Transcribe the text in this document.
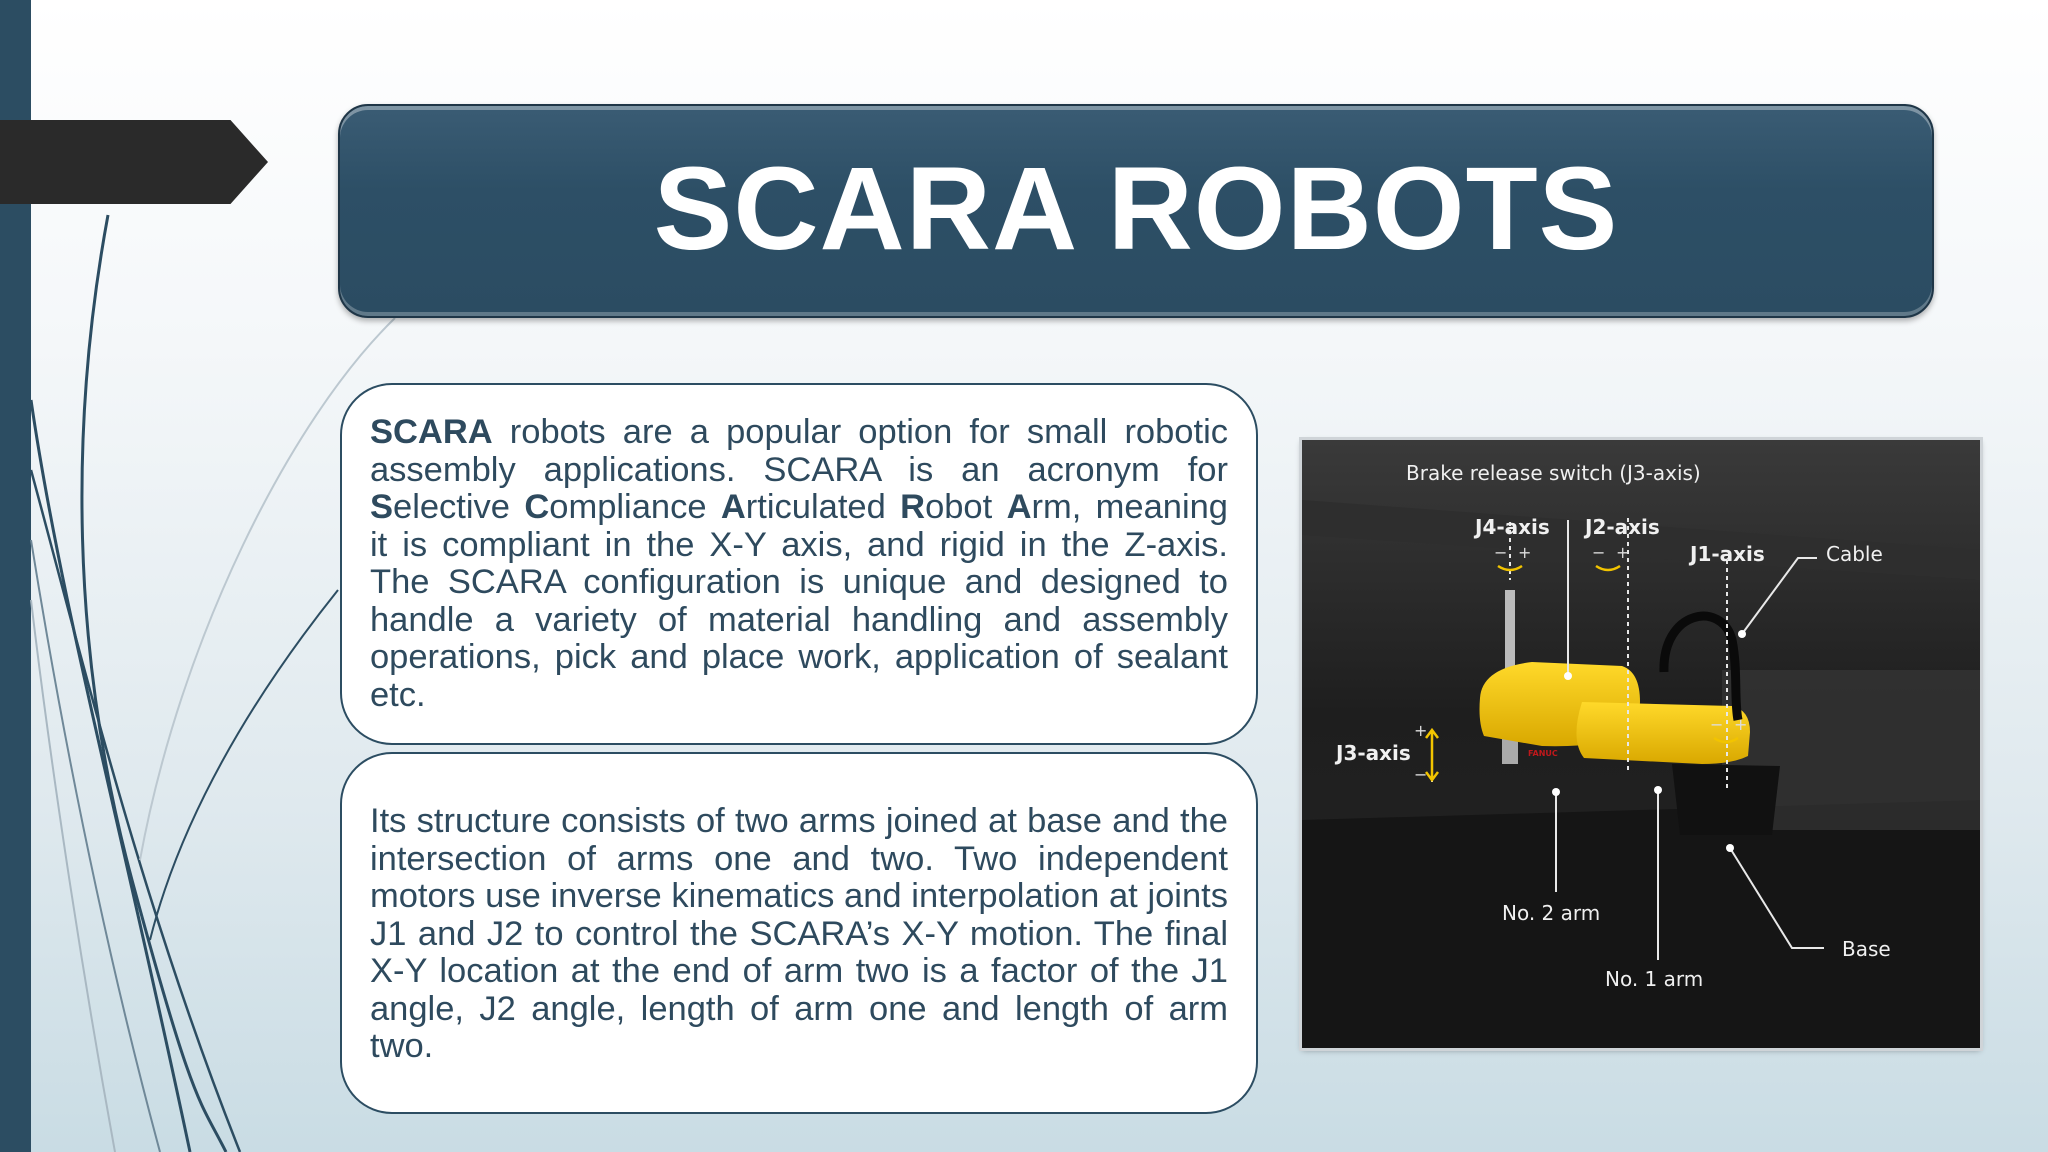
SCARA ROBOTS

SCARA robots are a popular option for small robotic assembly applications. SCARA is an acronym for Selective Compliance Articulated Robot Arm, meaning it is compliant in the X-Y axis, and rigid in the Z-axis. The SCARA configuration is unique and designed to handle a variety of material handling and assembly operations, pick and place work, application of sealant etc.

Its structure consists of two arms joined at base and the intersection of arms one and two. Two independent motors use inverse kinematics and interpolation at joints J1 and J2 to control the SCARA’s X-Y motion. The final X-Y location at the end of arm two is a factor of the J1 angle, J2 angle, length of arm one and length of arm two.

FANUC
Brake release switch (J3-axis)
J4-axis J2-axis
J1-axis	Cable
J3-axis
No. 2 arm
No. 1 arm
Base
− +	− +
− +
+
−
